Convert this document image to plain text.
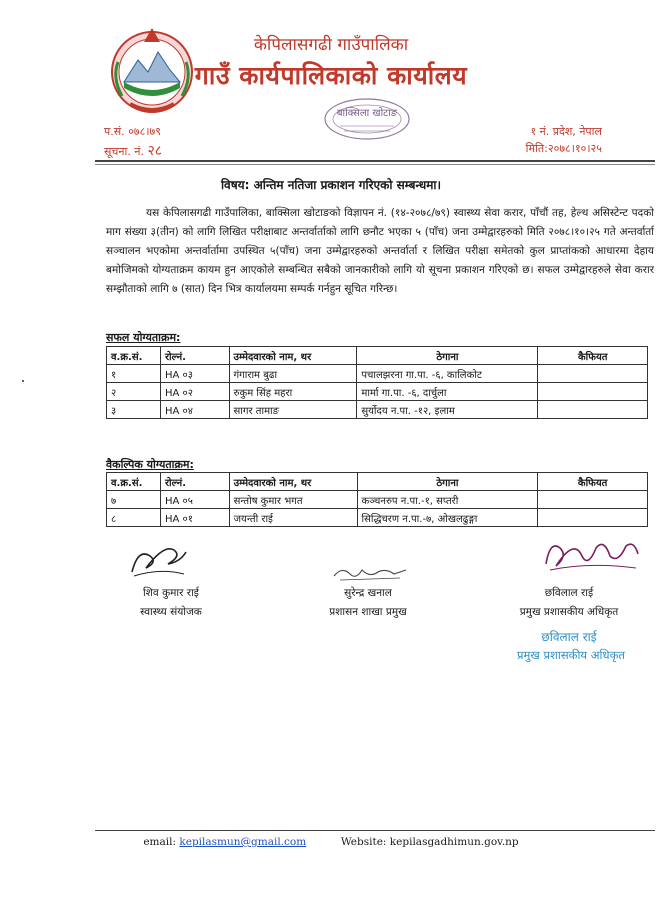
केपिलासगढी गाउँपालिका
गाउँ कार्यपालिकाको कार्यालय
बाक्सिला खोटाङ
प.सं. ०७८।७९
सूचना. नं. २८
१ नं. प्रदेश, नेपाल
मिति:२०७८।१०।२५
विषय: अन्तिम नतिजा प्रकाशन गरिएको सम्बन्धमा।
यस केपिलासगढी गाउँपालिका, बाक्सिला खोटाङको विज्ञापन नं. (१४-२०७८/७९) स्वास्थ्य सेवा करार, पाँचौं तह, हेल्थ असिस्टेन्ट पदको माग संख्या ३(तीन) को लागि लिखित परीक्षाबाट अन्तर्वार्ताको लागि छनौट भएका ५ (पाँच) जना उम्मेद्वारहरुको मिति २०७८।१०।२५ गते अन्तर्वार्ता सञ्चालन भएकोमा अन्तर्वार्तामा उपस्थित ५(पाँच) जना उम्मेद्वारहरुको अन्तर्वार्ता र लिखित परीक्षा समेतको कुल प्राप्तांकको आधारमा देहाय बमोजिमको योग्यताक्रम कायम हुन आएकोले सम्बन्धित सबैको जानकारीको लागि यो सूचना प्रकाशन गरिएको छ। सफल उम्मेद्वारहरुले सेवा करार सम्झौताको लागि ७ (सात) दिन भित्र कार्यालयमा सम्पर्क गर्नहुन सूचित गरिन्छ।
सफल योग्यताक्रम:
व.क्र.सं.	रोल्नं.	उम्मेदवारको नाम, थर	ठेगाना	कैफियत
१	HA ०३	गंगाराम बुढा	पचालझरना गा.पा. -६, कालिकोट	
२	HA ०२	रुकुम सिंह महरा	मार्मा गा.पा. -६, दार्चुला	
३	HA ०४	सागर तामाङ	सुर्योदय न.पा. -१२, इलाम	
वैकल्पिक योग्यताक्रम:
व.क्र.सं.	रोल्नं.	उम्मेदवारको नाम, थर	ठेगाना	कैफियत
७	HA ०५	सन्तोष कुमार भगत	कञ्चनरुप न.पा.-१, सप्तरी	
८	HA ०१	जयन्ती राई	सिद्धिचरण न.पा.-७, ओखलढुङ्गा	
शिव कुमार राई
स्वास्थ्य संयोजक
सुरेन्द्र खनाल
प्रशासन शाखा प्रमुख
छविलाल राई
प्रमुख प्रशासकीय अधिकृत
छविलाल राई
प्रमुख प्रशासकीय अधिकृत
email: kepilasmun@gmail.com	Website: kepilasgadhimun.gov.np
